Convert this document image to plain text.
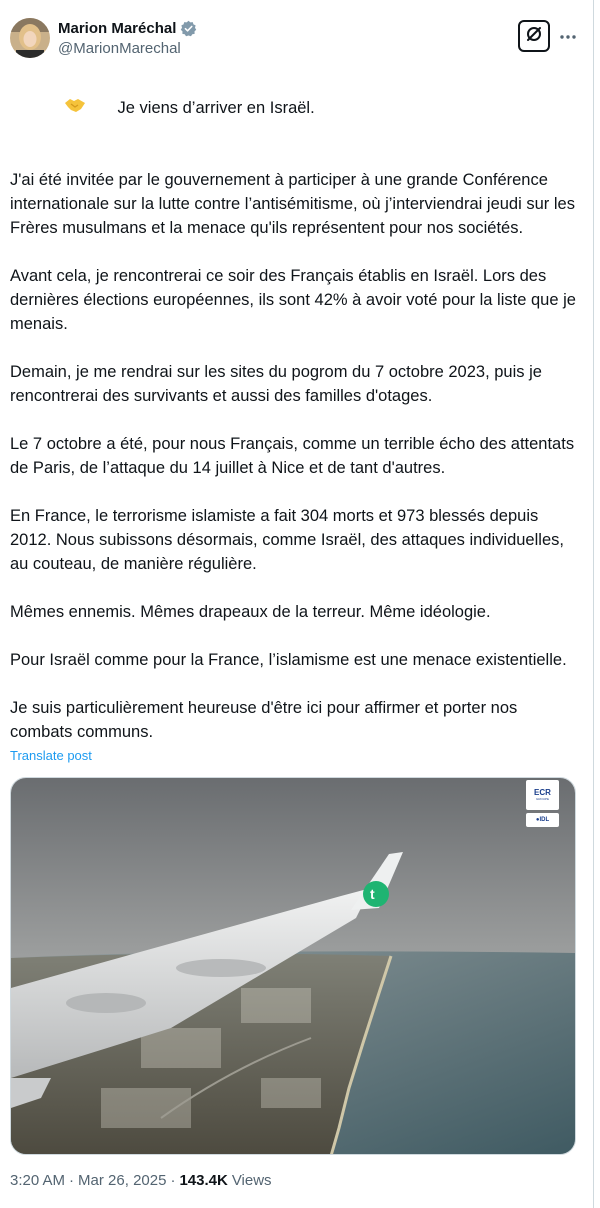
Marion Maréchal
@MarionMarechal

Je viens d’arriver en Israël.
J'ai été invitée par le gouvernement à participer à une grande Conférence internationale sur la lutte contre l’antisémitisme, où j’interviendrai jeudi sur les Frères musulmans et la menace qu'ils représentent pour nos sociétés.
Avant cela, je rencontrerai ce soir des Français établis en Israël. Lors des dernières élections européennes, ils sont 42% à avoir voté pour la liste que je menais.
Demain, je me rendrai sur les sites du pogrom du 7 octobre 2023, puis je rencontrerai des survivants et aussi des familles d'otages.
Le 7 octobre a été, pour nous Français, comme un terrible écho des attentats de Paris, de l’attaque du 14 juillet à Nice et de tant d'autres.
En France, le terrorisme islamiste a fait 304 morts et 973 blessés depuis 2012. Nous subissons désormais, comme Israël, des attaques individuelles, au couteau, de manière régulière.
Mêmes ennemis. Mêmes drapeaux de la terreur. Même idéologie.
Pour Israël comme pour la France, l’islamisme est une menace existentielle.
Je suis particulièrement heureuse d'être ici pour affirmer et porter nos combats communs.
Translate post
t
ECR
GROUPE
●IDL
3:20 AM · Mar 26, 2025 · 143.4K Views
